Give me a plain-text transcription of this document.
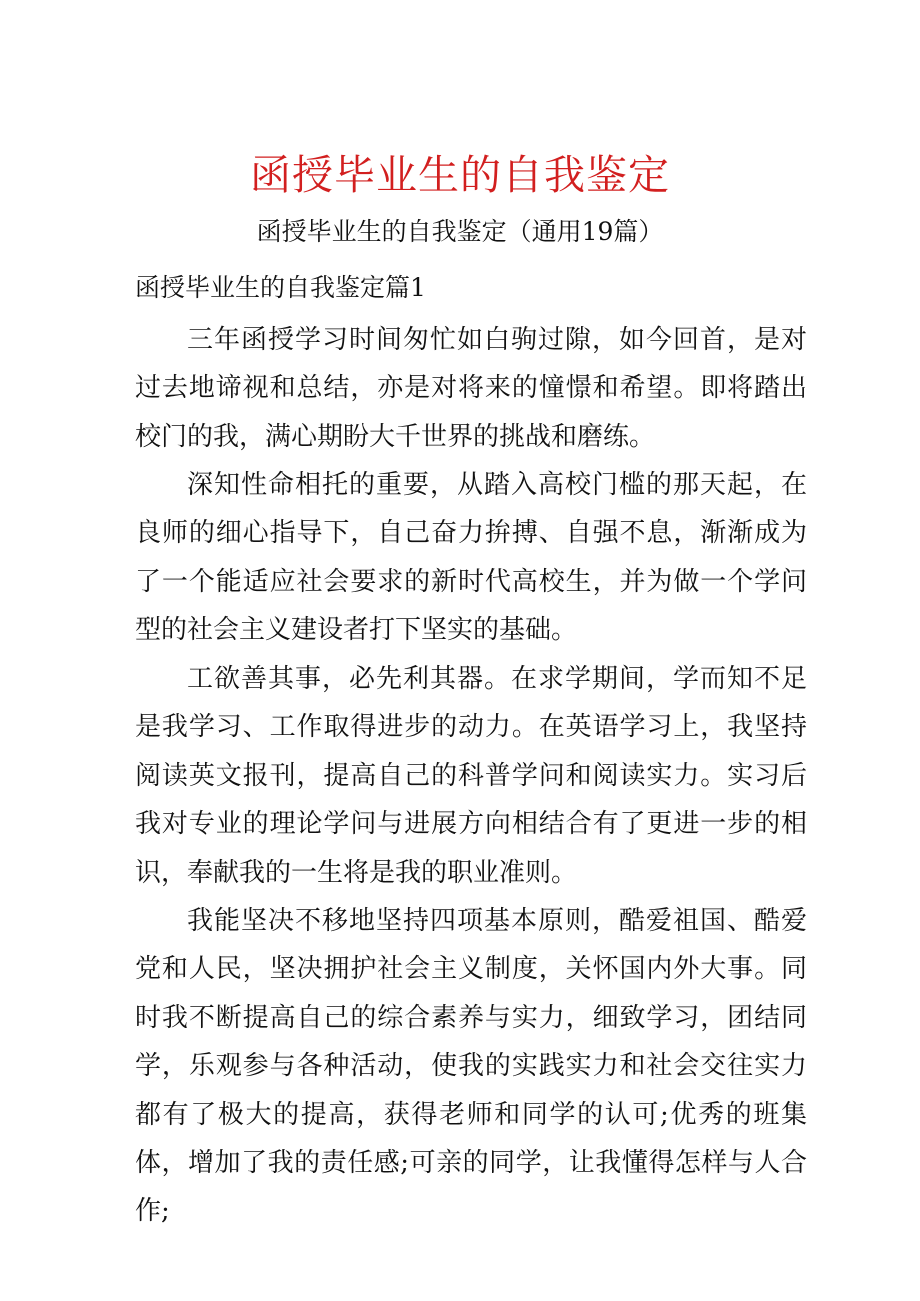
函授毕业生的自我鉴定
函授毕业生的自我鉴定（通用19篇）
函授毕业生的自我鉴定篇1

三年函授学习时间匆忙如白驹过隙，如今回首，是对过去地谛视和总结，亦是对将来的憧憬和希望。即将踏出校门的我，满心期盼大千世界的挑战和磨练。

深知性命相托的重要，从踏入高校门槛的那天起，在良师的细心指导下，自己奋力拚搏、自强不息，渐渐成为了一个能适应社会要求的新时代高校生，并为做一个学问型的社会主义建设者打下坚实的基础。

工欲善其事，必先利其器。在求学期间，学而知不足是我学习、工作取得进步的动力。在英语学习上，我坚持阅读英文报刊，提高自己的科普学问和阅读实力。实习后我对专业的理论学问与进展方向相结合有了更进一步的相识，奉献我的一生将是我的职业准则。

我能坚决不移地坚持四项基本原则，酷爱祖国、酷爱党和人民，坚决拥护社会主义制度，关怀国内外大事。同时我不断提高自己的综合素养与实力，细致学习，团结同学，乐观参与各种活动，使我的实践实力和社会交往实力都有了极大的提高，获得老师和同学的认可;优秀的班集体，增加了我的责任感;可亲的同学，让我懂得怎样与人合作;
